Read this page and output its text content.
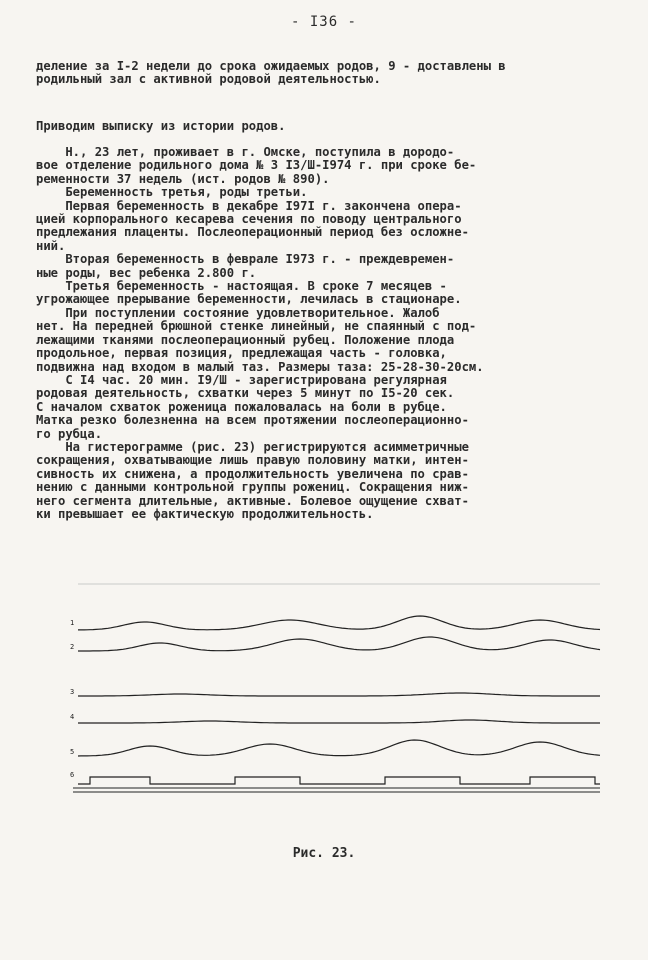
- I36 -
деление за I-2 недели до срока ожидаемых родов, 9 - доставлены в
родильный зал с активной родовой деятельностью.
Приводим выписку из истории родов.
Н., 23 лет, проживает в г. Омске, поступила в дородо-
вое отделение родильного дома № 3 I3/Ш-I974 г. при сроке бе-
ременности 37 недель (ист. родов № 890).
Беременность третья, роды третьи.
Первая беременность в декабре I97I г. закончена опера-
цией корпорального кесарева сечения по поводу центрального
предлежания плаценты. Послеоперационный период без осложне-
ний.
Вторая беременность в феврале I973 г. - преждевремен-
ные роды, вес ребенка 2.800 г.
Третья беременность - настоящая. В сроке 7 месяцев -
угрожающее прерывание беременности, лечилась в стационаре.
При поступлении состояние удовлетворительное. Жалоб
нет. На передней брюшной стенке линейный, не спаянный с под-
лежащими тканями послеоперационный рубец. Положение плода
продольное, первая позиция, предлежащая часть - головка,
подвижна над входом в малый таз. Размеры таза: 25-28-30-20см.
С I4 час. 20 мин. I9/Ш - зарегистрирована регулярная
родовая деятельность, схватки через 5 минут по I5-20 сек.
С началом схваток роженица пожаловалась на боли в рубце.
Матка резко болезненна на всем протяжении послеоперационно-
го рубца.
На гистерограмме (рис. 23) регистрируются асимметричные
сокращения, охватывающие лишь правую половину матки, интен-
сивность их снижена, а продолжительность увеличена по срав-
нению с данными контрольной группы рожениц. Сокращения ниж-
него сегмента длительные, активные. Болевое ощущение схват-
ки превышает ее фактическую продолжительность.
1
2
3
4
5
6
Рис. 23.
